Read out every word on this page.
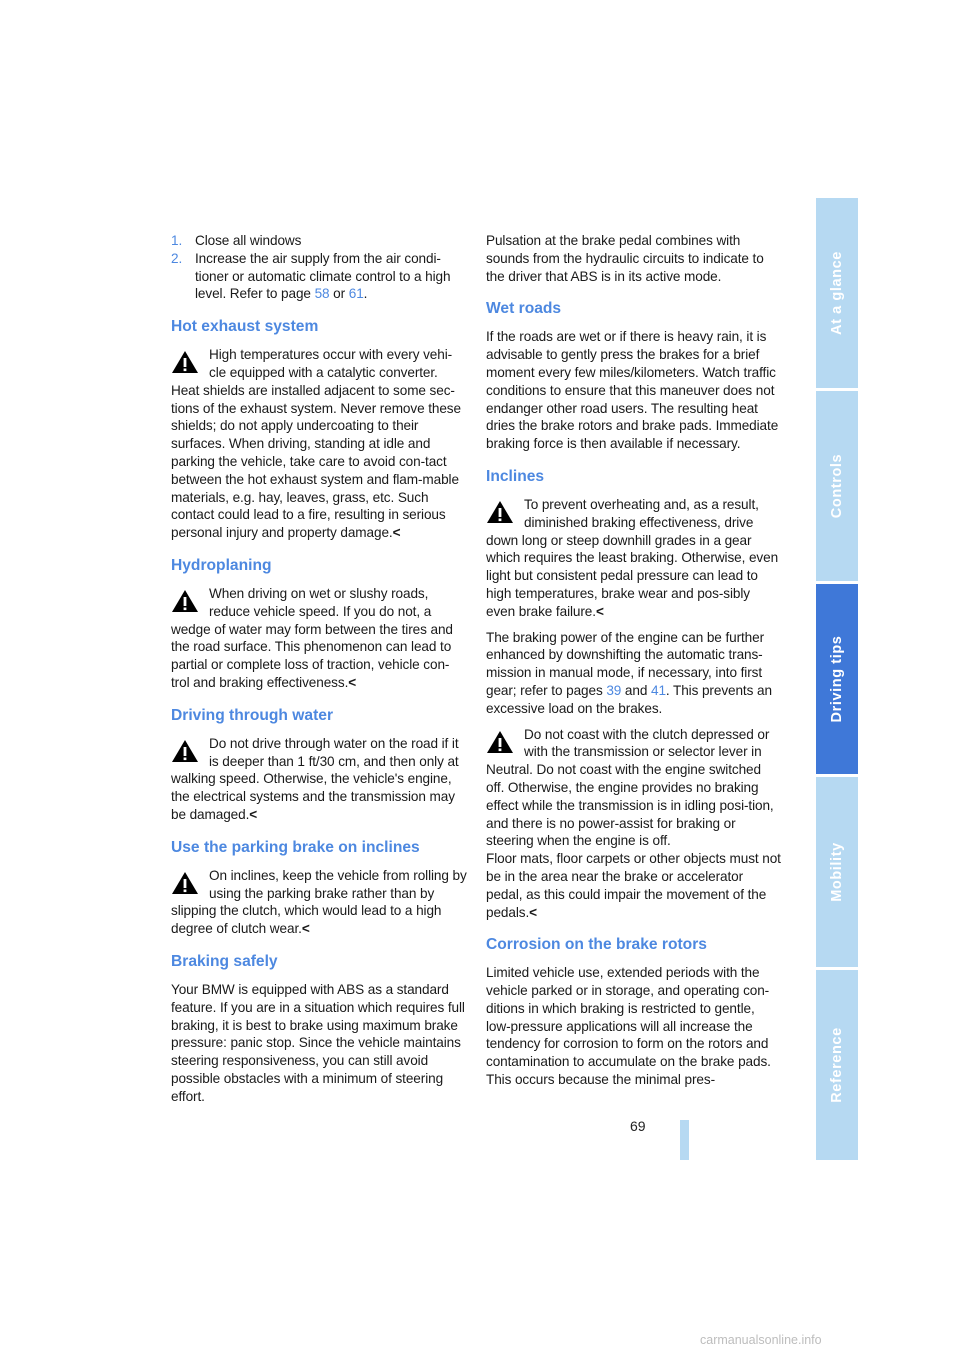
1. Close all windows
2. Increase the air supply from the air condi-tioner or automatic climate control to a high level. Refer to page 58 or 61.
Hot exhaust system
High temperatures occur with every vehi-cle equipped with a catalytic converter. Heat shields are installed adjacent to some sec-tions of the exhaust system. Never remove these shields; do not apply undercoating to their surfaces. When driving, standing at idle and parking the vehicle, take care to avoid con-tact between the hot exhaust system and flam-mable materials, e.g. hay, leaves, grass, etc. Such contact could lead to a fire, resulting in serious personal injury and property damage.<
Hydroplaning
When driving on wet or slushy roads, reduce vehicle speed. If you do not, a wedge of water may form between the tires and the road surface. This phenomenon can lead to partial or complete loss of traction, vehicle con-trol and braking effectiveness.<
Driving through water
Do not drive through water on the road if it is deeper than 1 ft/30 cm, and then only at walking speed. Otherwise, the vehicle's engine, the electrical systems and the transmission may be damaged.<
Use the parking brake on inclines
On inclines, keep the vehicle from rolling by using the parking brake rather than by slipping the clutch, which would lead to a high degree of clutch wear.<
Braking safely

Your BMW is equipped with ABS as a standard feature. If you are in a situation which requires full braking, it is best to brake using maximum brake pressure: panic stop. Since the vehicle maintains steering responsiveness, you can still avoid possible obstacles with a minimum of steering effort.

Pulsation at the brake pedal combines with sounds from the hydraulic circuits to indicate to the driver that ABS is in its active mode.

Wet roads

If the roads are wet or if there is heavy rain, it is advisable to gently press the brakes for a brief moment every few miles/kilometers. Watch traffic conditions to ensure that this maneuver does not endanger other road users. The resulting heat dries the brake rotors and brake pads. Immediate braking force is then available if necessary.

Inclines
To prevent overheating and, as a result, diminished braking effectiveness, drive down long or steep downhill grades in a gear which requires the least braking. Otherwise, even light but consistent pedal pressure can lead to high temperatures, brake wear and pos-sibly even brake failure.<

The braking power of the engine can be further enhanced by downshifting the automatic trans-mission in manual mode, if necessary, into first gear; refer to pages 39 and 41. This prevents an excessive load on the brakes.

Do not coast with the clutch depressed or with the transmission or selector lever in Neutral. Do not coast with the engine switched off. Otherwise, the engine provides no braking effect while the transmission is in idling posi-tion, and there is no power-assist for braking or steering when the engine is off.
Floor mats, floor carpets or other objects must not be in the area near the brake or accelerator pedal, as this could impair the movement of the pedals.<
Corrosion on the brake rotors

Limited vehicle use, extended periods with the vehicle parked or in storage, and operating con-ditions in which braking is restricted to gentle, low-pressure applications will all increase the tendency for corrosion to form on the rotors and contamination to accumulate on the brake pads. This occurs because the minimal pres-

At a glance
Controls
Driving tips
Mobility
Reference
69
carmanualsonline.info
